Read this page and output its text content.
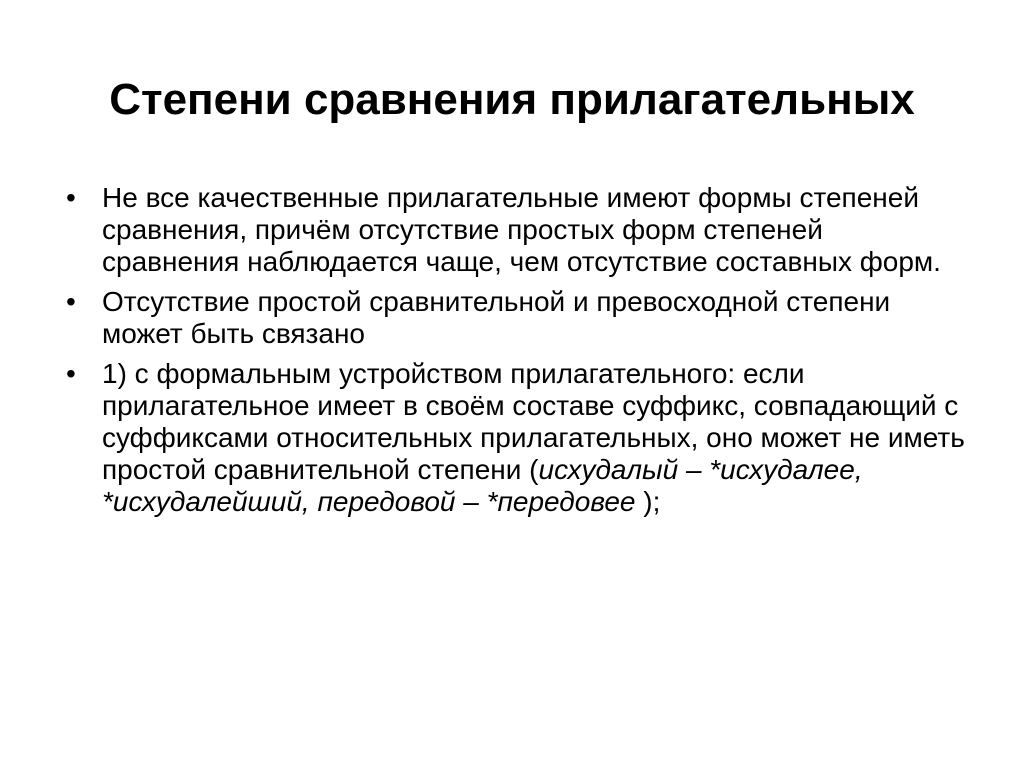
Степени сравнения прилагательных
• Не все качественные прилагательные имеют формы степеней сравнения, причём отсутствие простых форм степеней сравнения наблюдается чаще, чем отсутствие составных форм.
• Отсутствие простой сравнительной и превосходной степени может быть связано
• 1) с формальным устройством прилагательного: если прилагательное имеет в своём составе суффикс, совпадающий с суффиксами относительных прилагательных, оно может не иметь простой сравнительной степени (исхудалый – *исхудалее, *исхудалейший, передовой – *передовее );
